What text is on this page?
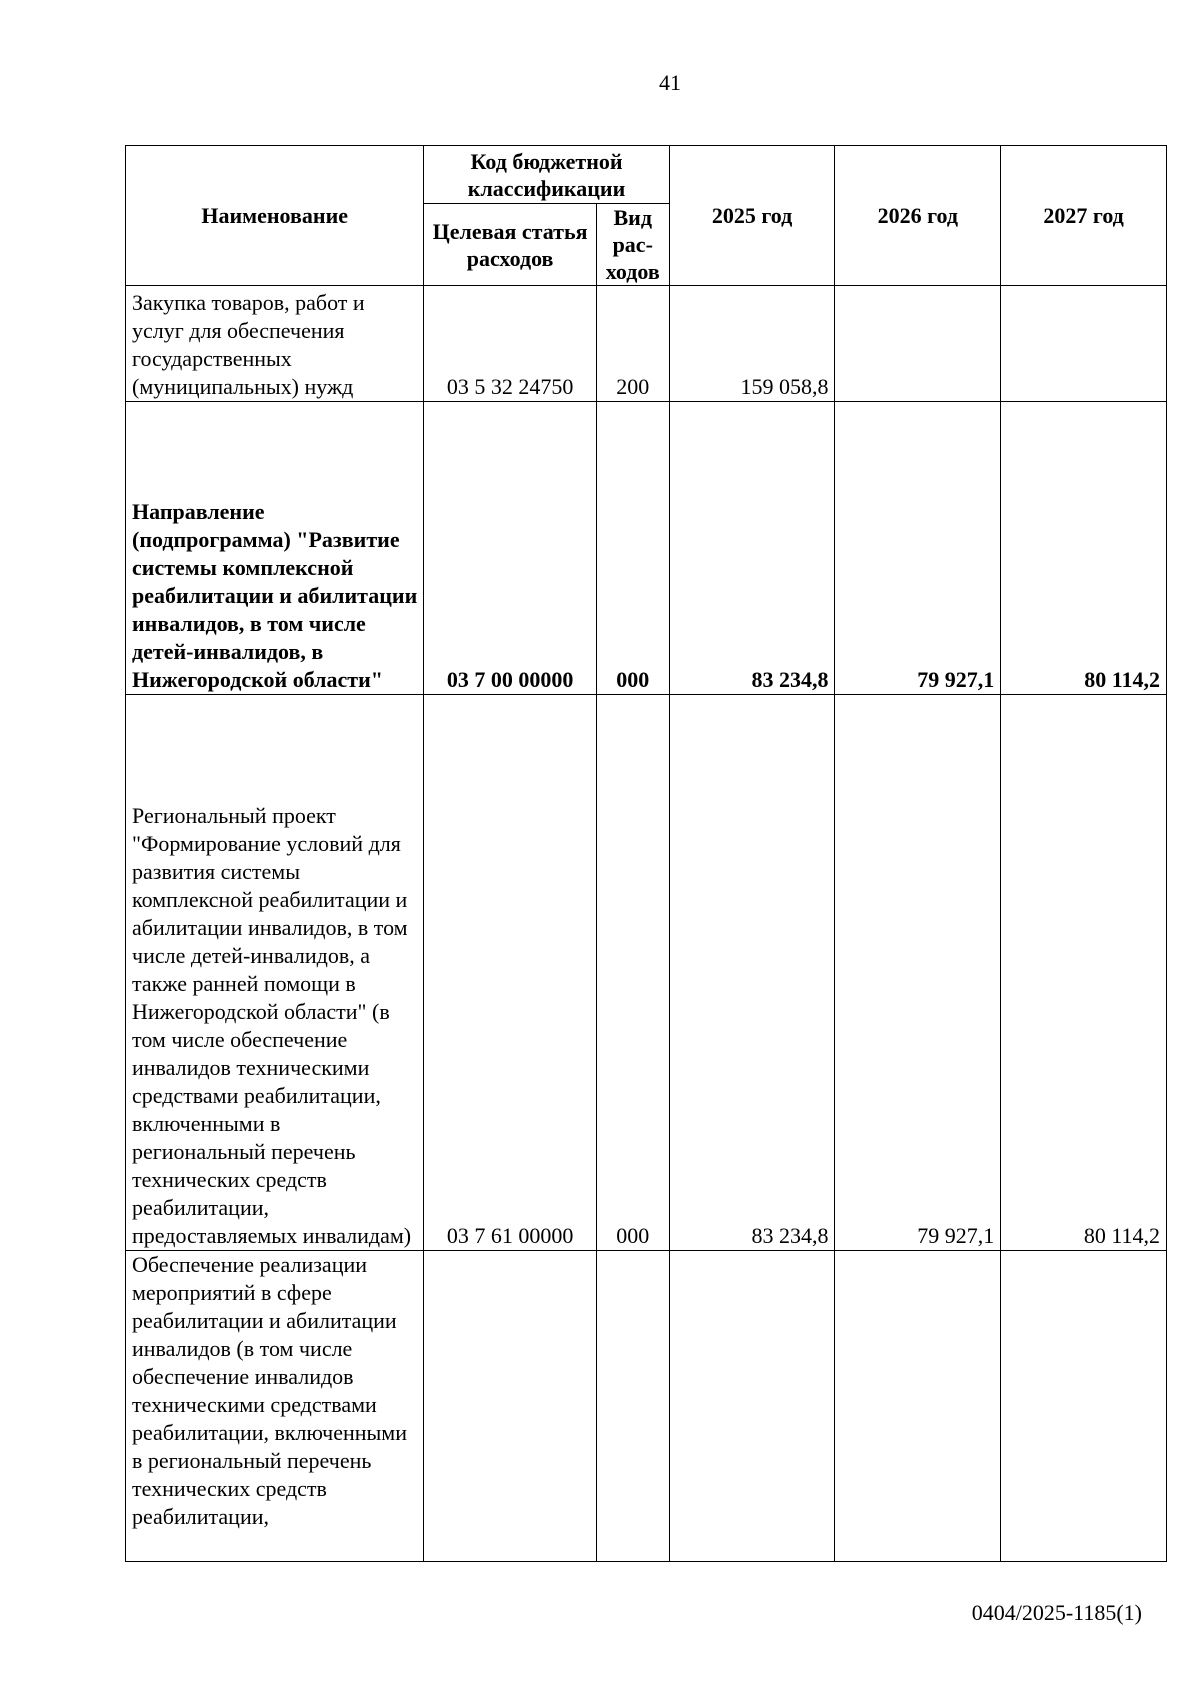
41
Наименование	Код бюджетной классификации		2025 год	2026 год	2027 год
	Целевая статья расходов	Вид рас-ходов			
Закупка товаров, работ и услуг для обеспечения государственных (муниципальных) нужд	03 5 32 24750	200	159 058,8		
Направление (подпрограмма) "Развитие системы комплексной реабилитации и абилитации инвалидов, в том числе детей-инвалидов, в Нижегородской области"	03 7 00 00000	000	83 234,8	79 927,1	80 114,2
Региональный проект "Формирование условий для развития системы комплексной реабилитации и абилитации инвалидов, в том числе детей-инвалидов, а также ранней помощи в Нижегородской области" (в том числе обеспечение инвалидов техническими средствами реабилитации, включенными в региональный перечень технических средств реабилитации, предоставляемых инвалидам)	03 7 61 00000	000	83 234,8	79 927,1	80 114,2
Обеспечение реализации мероприятий в сфере реабилитации и абилитации инвалидов (в том числе обеспечение инвалидов техническими средствами реабилитации, включенными в региональный перечень технических средств реабилитации,					
0404/2025-1185(1)
